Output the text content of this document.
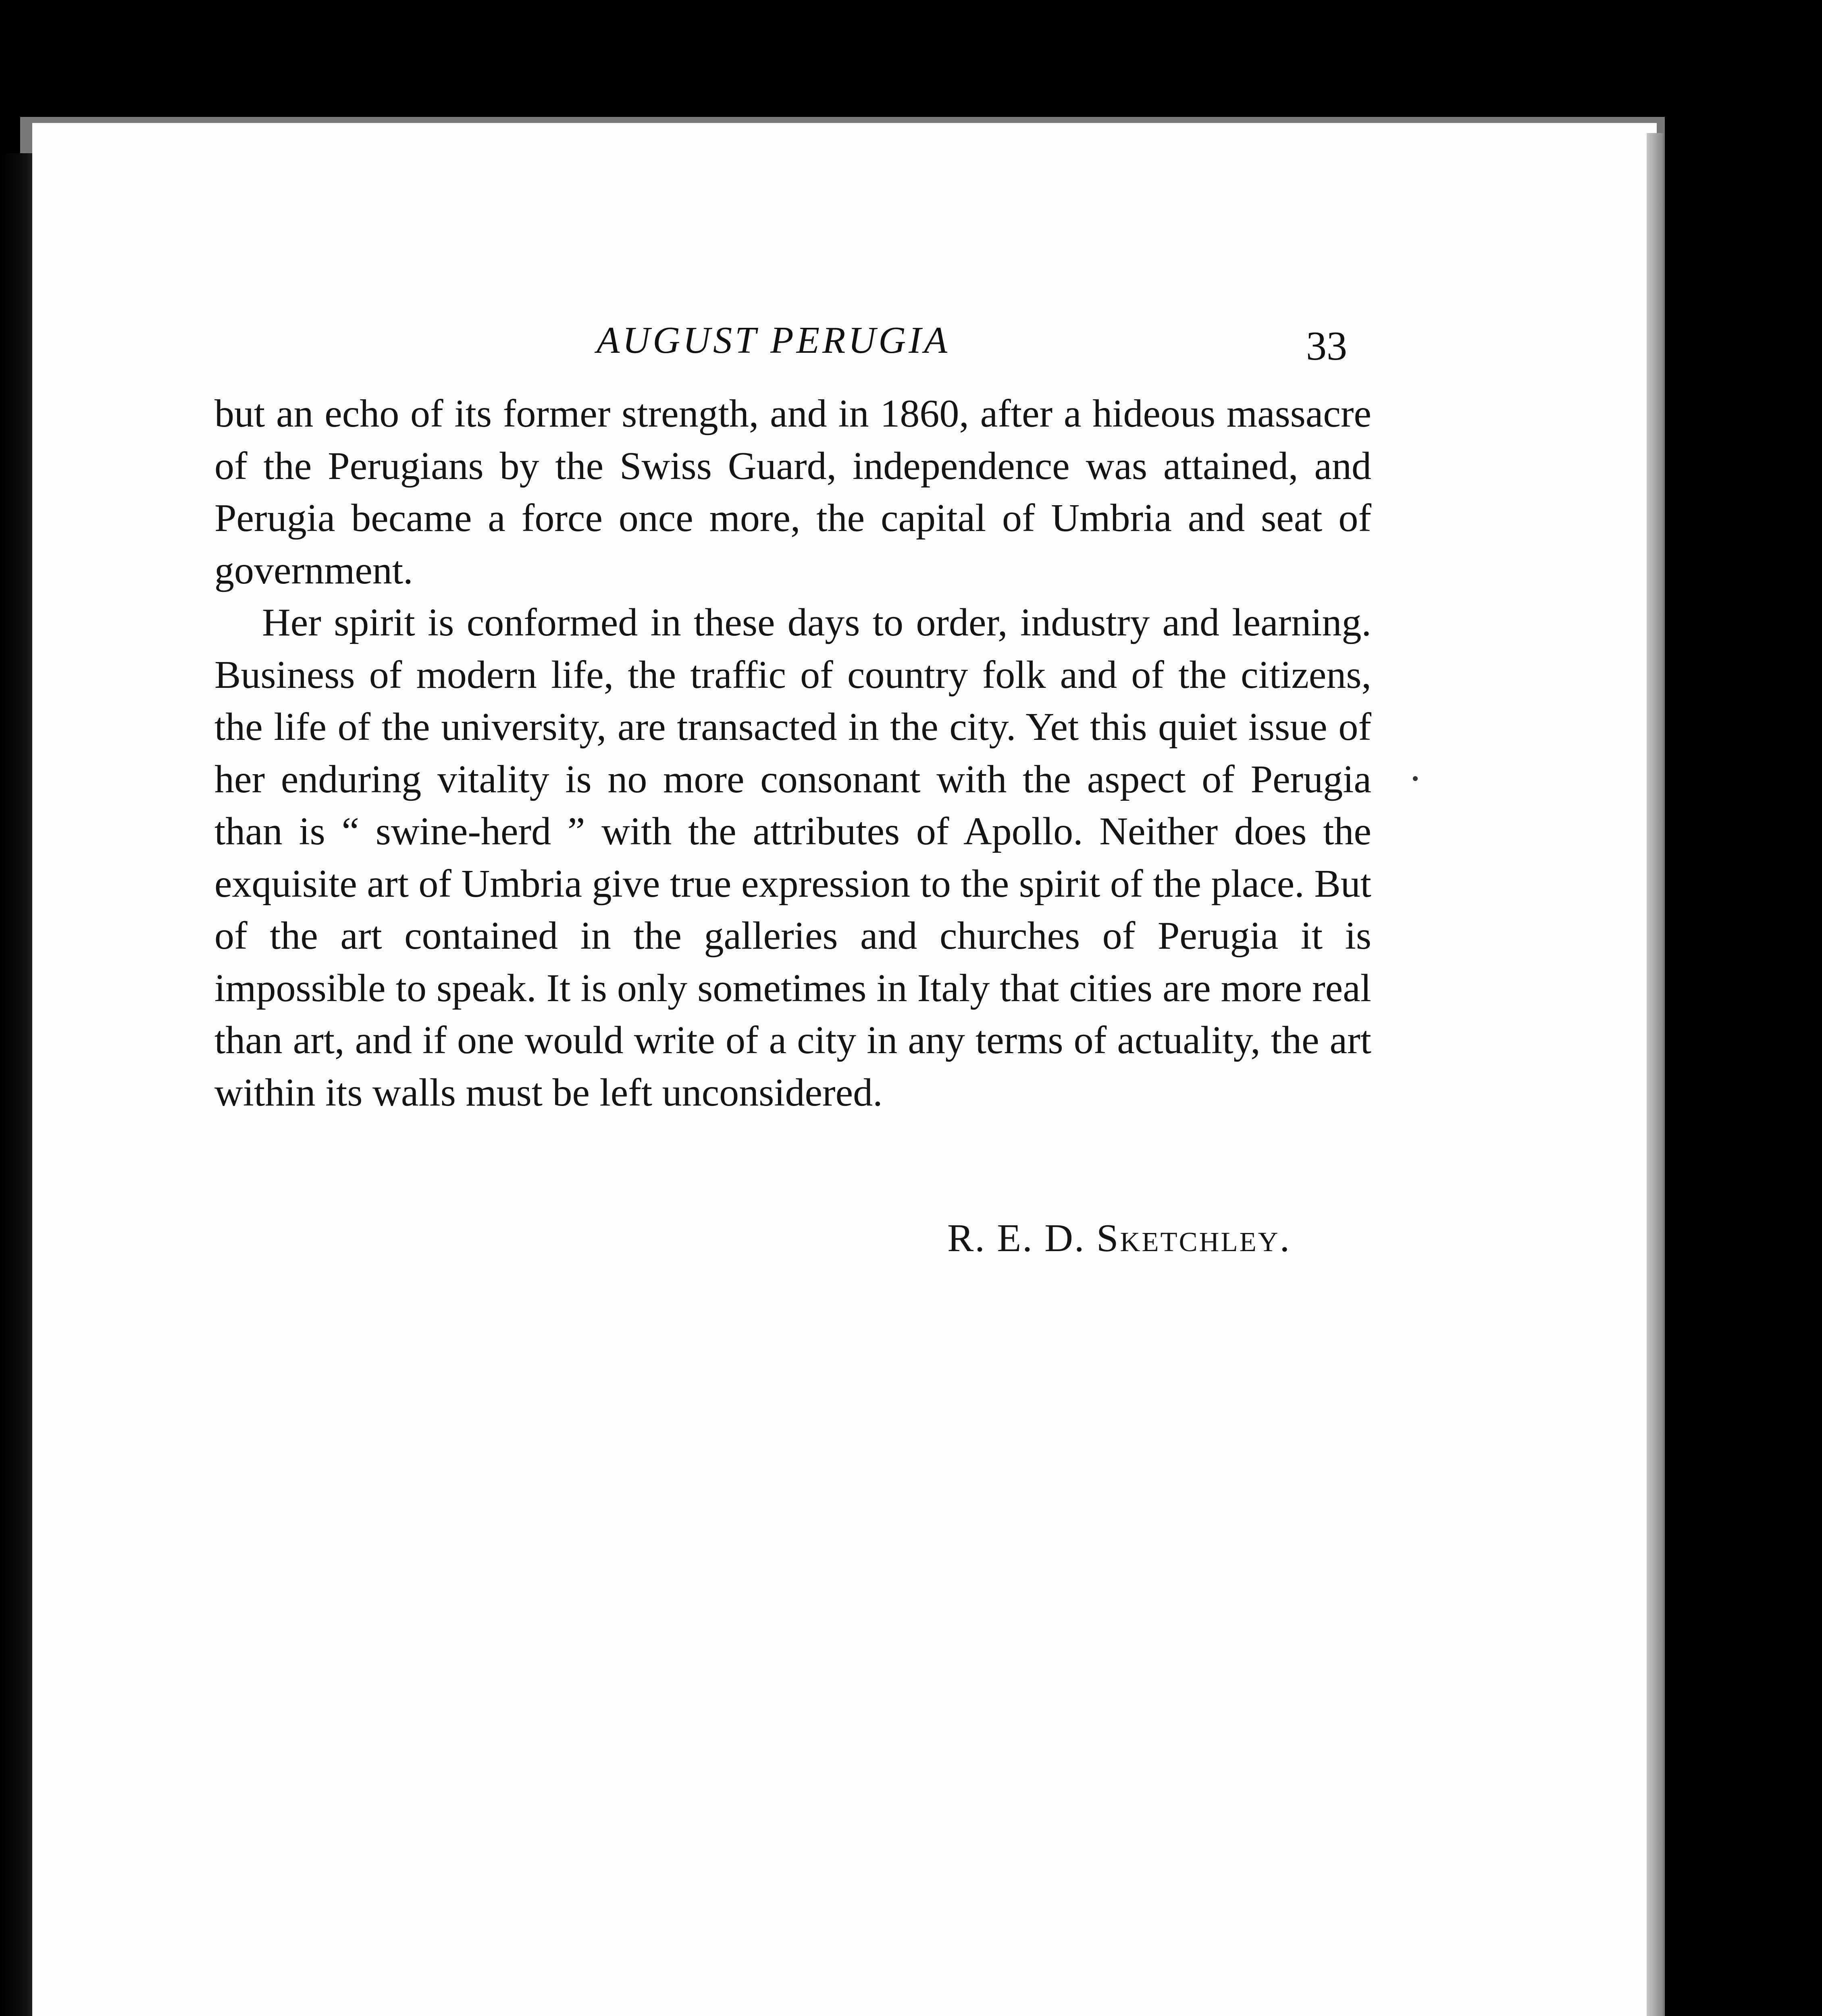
AUGUST PERUGIA	33

but an echo of its former strength, and in 1860, after a hideous massacre of the Perugians by the Swiss Guard, independence was attained, and Perugia became a force once more, the capital of Umbria and seat of government.

Her spirit is conformed in these days to order, industry and learning. Business of modern life, the traffic of country folk and of the citizens, the life of the university, are transacted in the city. Yet this quiet issue of her enduring vitality is no more consonant with the aspect of Perugia than is “ swine-herd ” with the attributes of Apollo. Neither does the exquisite art of Umbria give true expression to the spirit of the place. But of the art contained in the galleries and churches of Perugia it is impossible to speak. It is only sometimes in Italy that cities are more real than art, and if one would write of a city in any terms of actuality, the art within its walls must be left unconsidered.

R. E. D. Sketchley.
